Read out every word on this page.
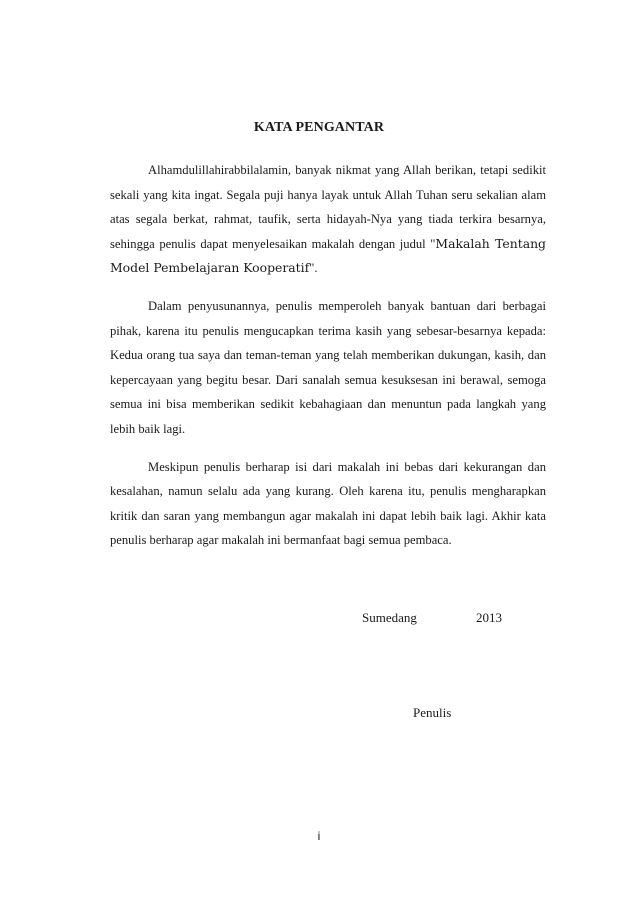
KATA PENGANTAR

Alhamdulillahirabbilalamin, banyak nikmat yang Allah berikan, tetapi sedikit sekali yang kita ingat. Segala puji hanya layak untuk Allah Tuhan seru sekalian alam atas segala berkat, rahmat, taufik, serta hidayah-Nya yang tiada terkira besarnya, sehingga penulis dapat menyelesaikan makalah dengan judul "Makalah Tentang Model Pembelajaran Kooperatif".

Dalam penyusunannya, penulis memperoleh banyak bantuan dari berbagai pihak, karena itu penulis mengucapkan terima kasih yang sebesar-besarnya kepada: Kedua orang tua saya dan teman-teman yang telah memberikan dukungan, kasih, dan kepercayaan yang begitu besar. Dari sanalah semua kesuksesan ini berawal, semoga semua ini bisa memberikan sedikit kebahagiaan dan menuntun pada langkah yang lebih baik lagi.

Meskipun penulis berharap isi dari makalah ini bebas dari kekurangan dan kesalahan, namun selalu ada yang kurang. Oleh karena itu, penulis mengharapkan kritik dan saran yang membangun agar makalah ini dapat lebih baik lagi. Akhir kata penulis berharap agar makalah ini bermanfaat bagi semua pembaca.

Sumedang	2013
Penulis
i
